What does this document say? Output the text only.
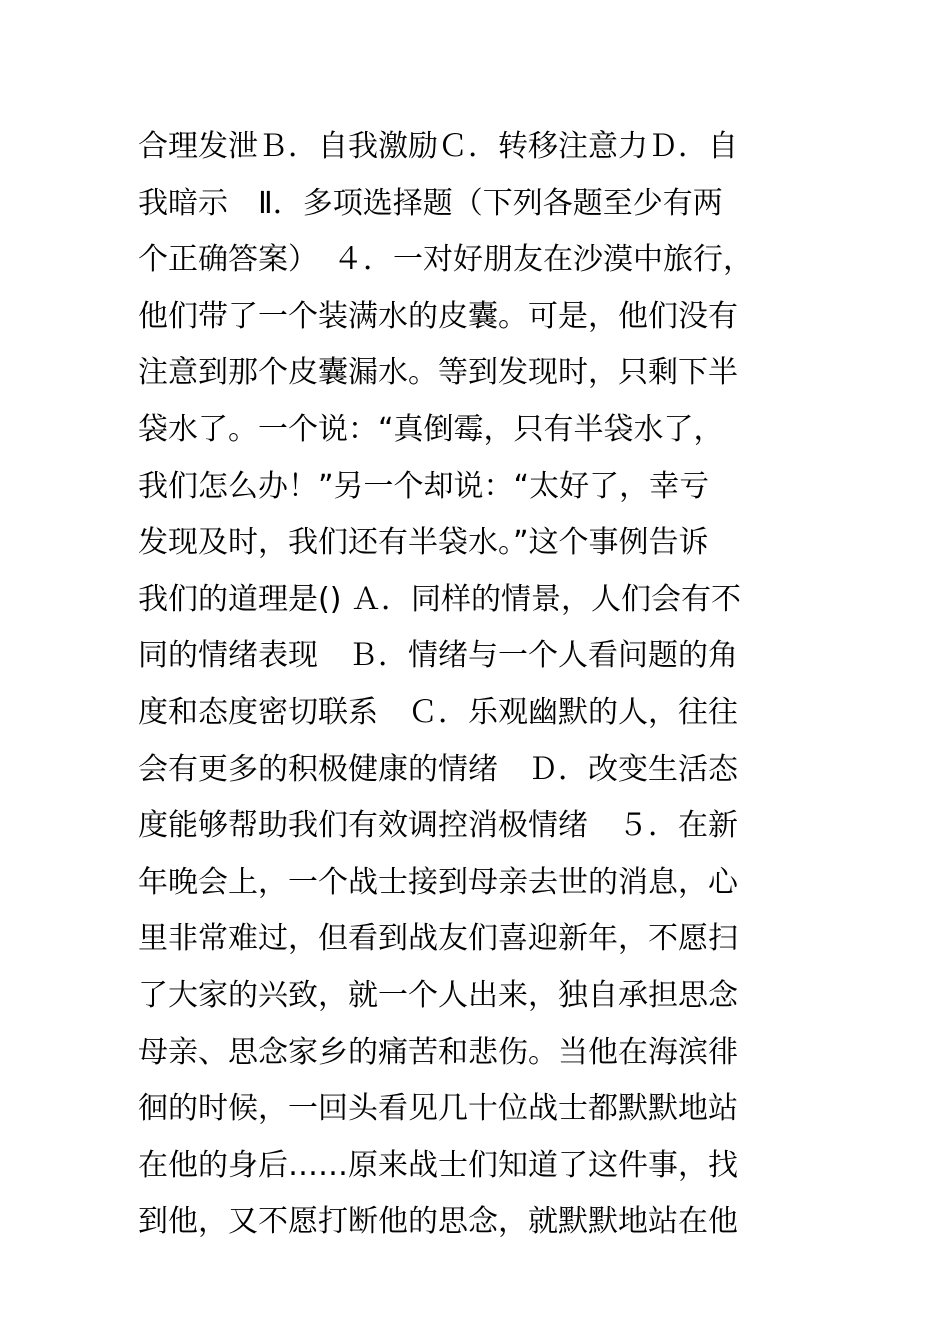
合理发泄Ｂ．自我激励Ｃ．转移注意力Ｄ．自
我暗示　Ⅱ．多项选择题（下列各题至少有两
个正确答案）　４．一对好朋友在沙漠中旅行，
他们带了一个装满水的皮囊。可是，他们没有
注意到那个皮囊漏水。等到发现时，只剩下半
袋水了。一个说：“真倒霉，只有半袋水了，
我们怎么办！”另一个却说：“太好了，幸亏
发现及时，我们还有半袋水。”这个事例告诉
我们的道理是() Ａ．同样的情景，人们会有不
同的情绪表现　Ｂ．情绪与一个人看问题的角
度和态度密切联系　Ｃ．乐观幽默的人，往往
会有更多的积极健康的情绪　Ｄ．改变生活态
度能够帮助我们有效调控消极情绪　５．在新
年晚会上，一个战士接到母亲去世的消息，心
里非常难过，但看到战友们喜迎新年，不愿扫
了大家的兴致，就一个人出来，独自承担思念
母亲、思念家乡的痛苦和悲伤。当他在海滨徘
徊的时候，一回头看见几十位战士都默默地站
在他的身后……原来战士们知道了这件事，找
到他，又不愿打断他的思念，就默默地站在他
